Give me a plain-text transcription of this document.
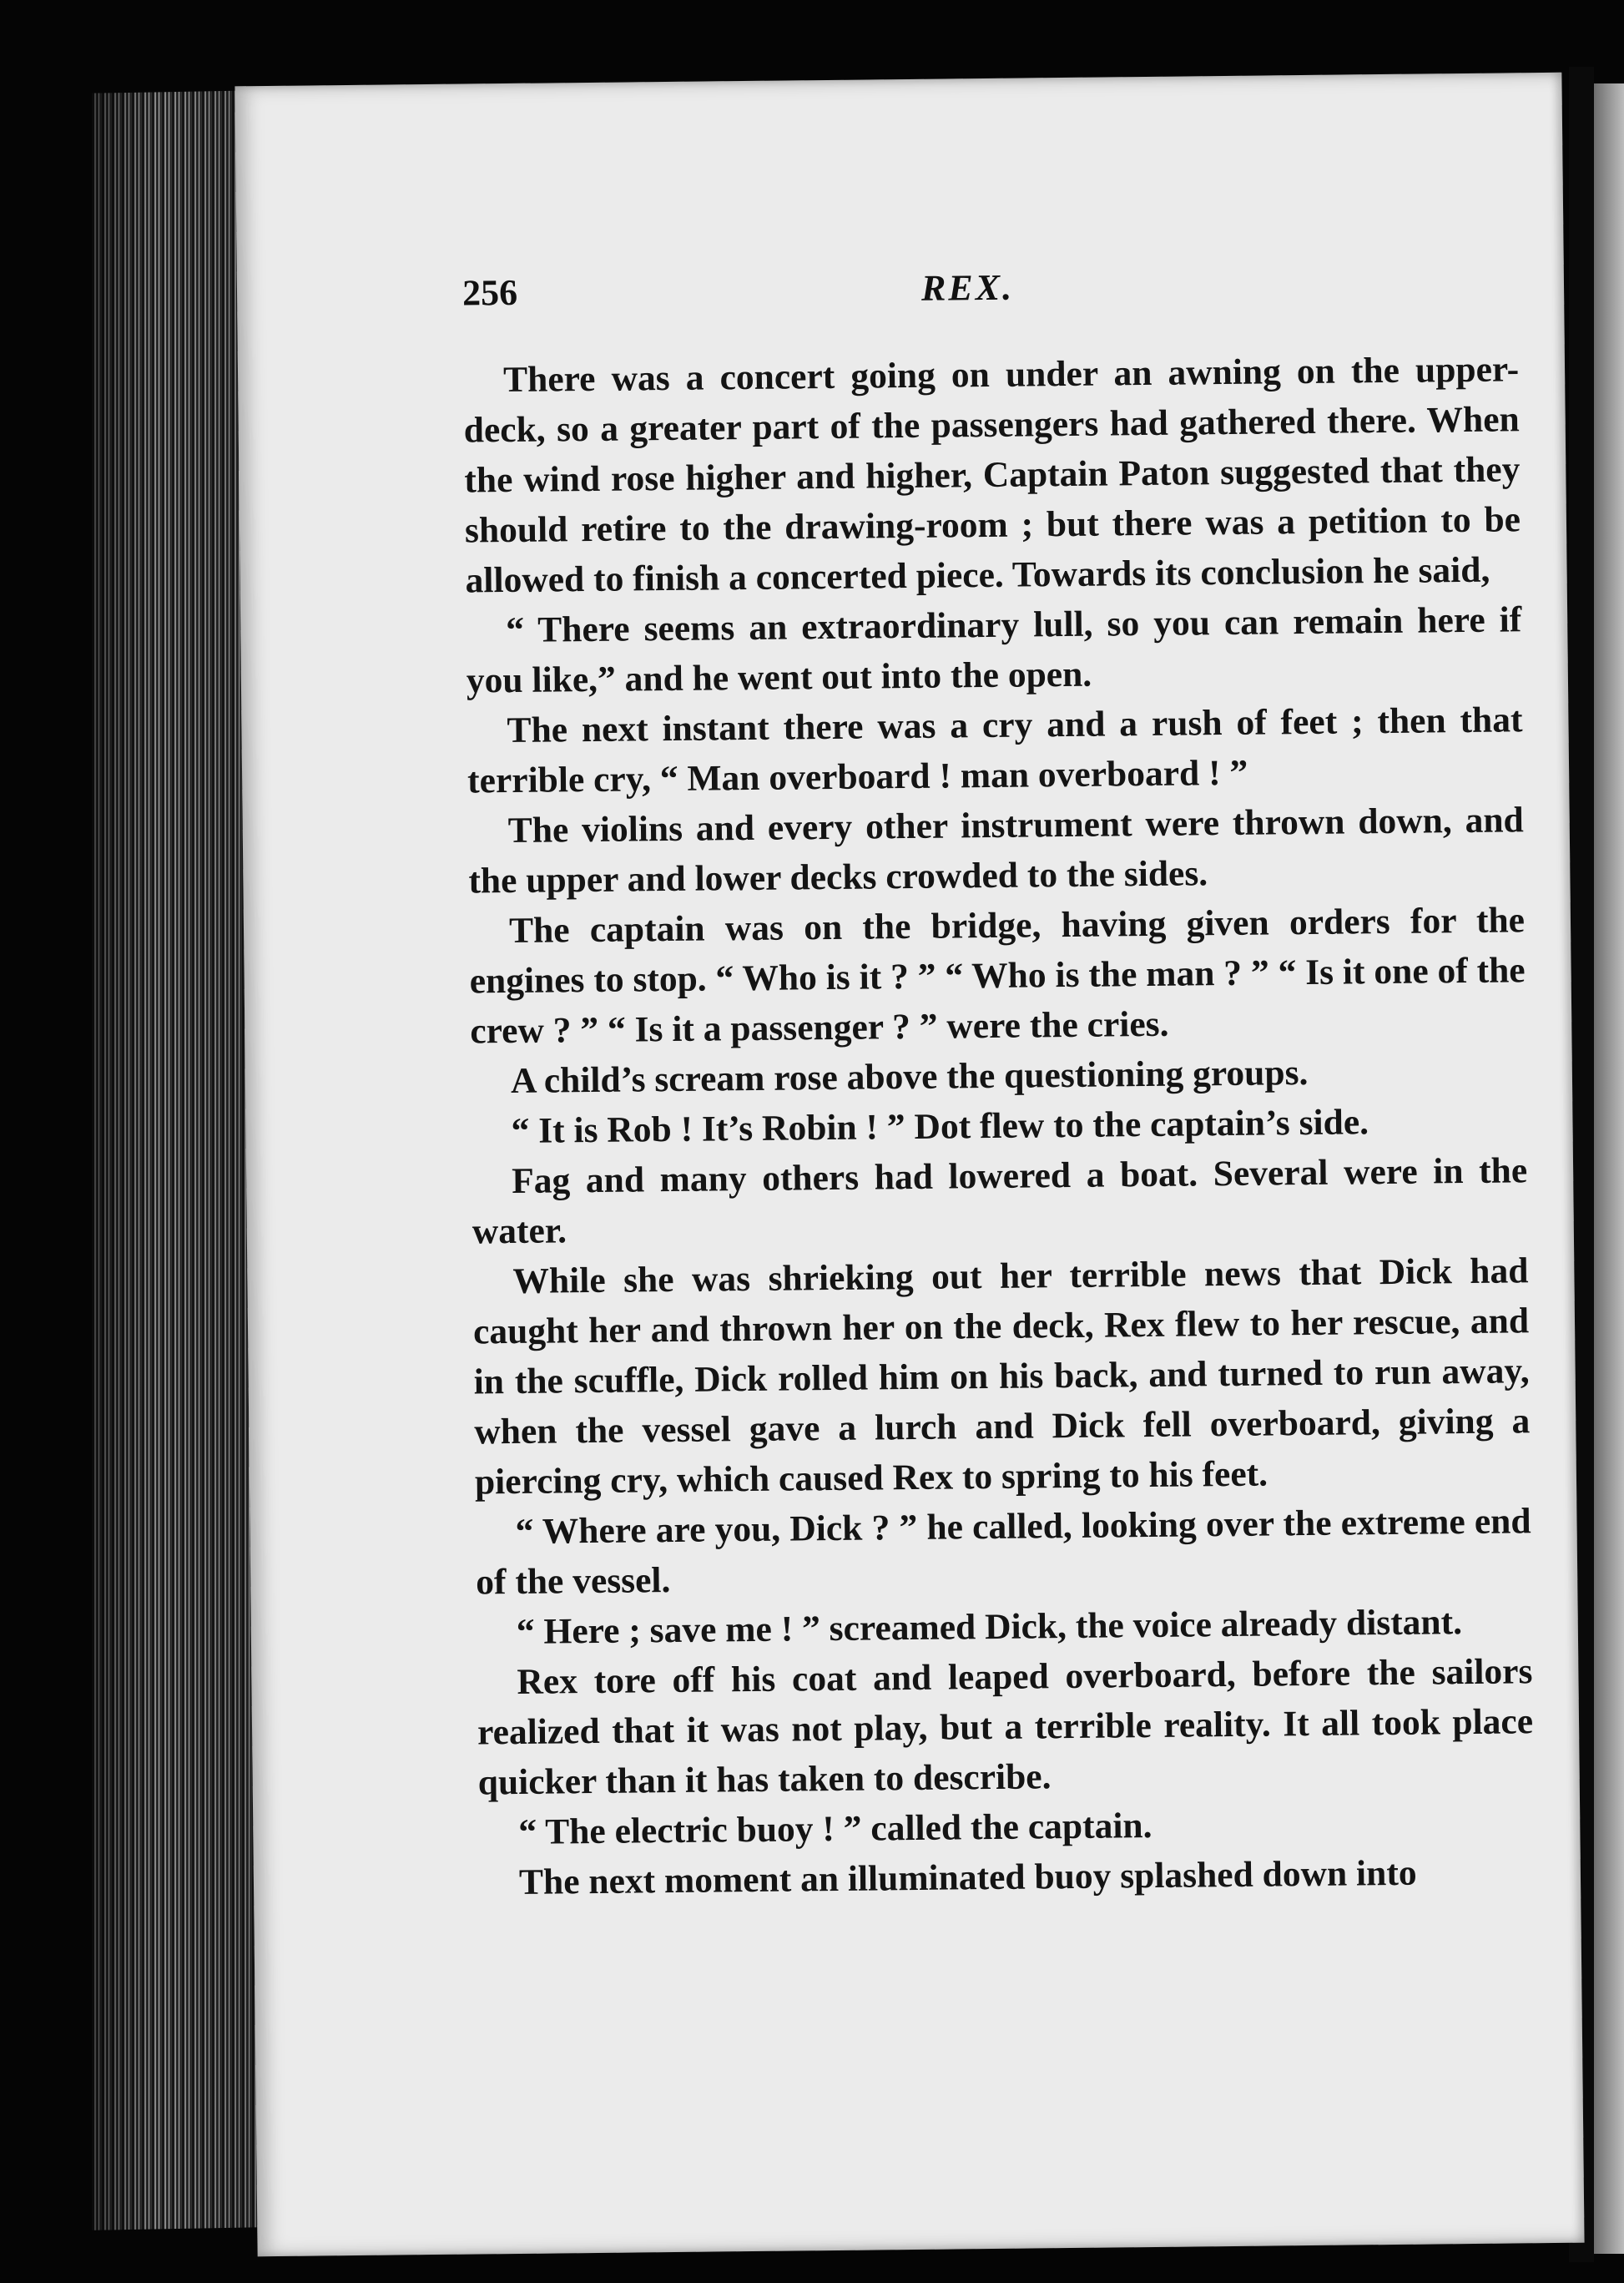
256	REX.

There was a concert going on under an awning on the upper-deck, so a greater part of the passengers had gathered there. When the wind rose higher and higher, Captain Paton suggested that they should retire to the drawing-room ; but there was a petition to be allowed to finish a concerted piece. Towards its conclusion he said,

“ There seems an extraordinary lull, so you can remain here if you like,” and he went out into the open.

The next instant there was a cry and a rush of feet ; then that terrible cry, “ Man overboard ! man overboard ! ”

The violins and every other instrument were thrown down, and the upper and lower decks crowded to the sides.

The captain was on the bridge, having given orders for the engines to stop. “ Who is it ? ” “ Who is the man ? ” “ Is it one of the crew ? ” “ Is it a passenger ? ” were the cries.

A child’s scream rose above the questioning groups.

“ It is Rob ! It’s Robin ! ” Dot flew to the captain’s side.

Fag and many others had lowered a boat. Several were in the water.

While she was shrieking out her terrible news that Dick had caught her and thrown her on the deck, Rex flew to her rescue, and in the scuffle, Dick rolled him on his back, and turned to run away, when the vessel gave a lurch and Dick fell overboard, giving a piercing cry, which caused Rex to spring to his feet.

“ Where are you, Dick ? ” he called, looking over the extreme end of the vessel.

“ Here ; save me ! ” screamed Dick, the voice already distant.

Rex tore off his coat and leaped overboard, before the sailors realized that it was not play, but a terrible reality. It all took place quicker than it has taken to describe.

“ The electric buoy ! ” called the captain.

The next moment an illuminated buoy splashed down into
